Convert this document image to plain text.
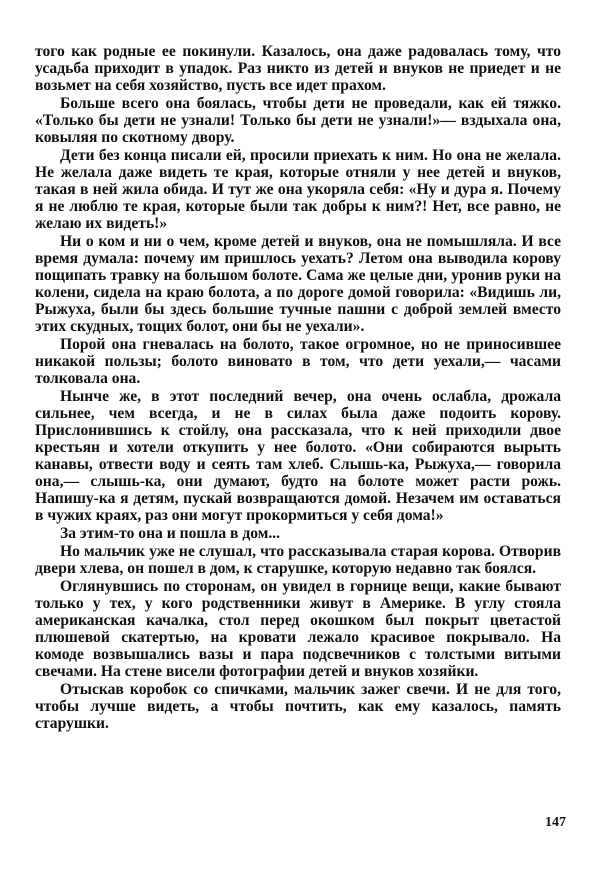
того как родные ее покинули. Казалось, она даже радовалась тому, что усадьба приходит в упадок. Раз никто из детей и внуков не приедет и не возьмет на себя хозяйство, пусть все идет прахом.

Больше всего она боялась, чтобы дети не проведали, как ей тяжко. «Только бы дети не узнали! Только бы дети не узнали!»— вздыхала она, ковыляя по скотному двору.

Дети без конца писали ей, просили приехать к ним. Но она не желала. Не желала даже видеть те края, которые отняли у нее детей и внуков, такая в ней жила обида. И тут же она укоряла себя: «Ну и дура я. Почему я не люблю те края, которые были так добры к ним?! Нет, все равно, не желаю их видеть!»

Ни о ком и ни о чем, кроме детей и внуков, она не помышляла. И все время думала: почему им пришлось уехать? Летом она выводила корову пощипать травку на большом болоте. Сама же целые дни, уронив руки на колени, сидела на краю болота, а по дороге домой говорила: «Видишь ли, Рыжуха, были бы здесь большие тучные пашни с доброй землей вместо этих скудных, тощих болот, они бы не уехали».

Порой она гневалась на болото, такое огромное, но не приносившее никакой пользы; болото виновато в том, что дети уехали,— часами толковала она.

Нынче же, в этот последний вечер, она очень ослабла, дрожала сильнее, чем всегда, и не в силах была даже подоить корову. Прислонившись к стойлу, она рассказала, что к ней приходили двое крестьян и хотели откупить у нее болото. «Они собираются вырыть канавы, отвести воду и сеять там хлеб. Слышь-ка, Рыжуха,— говорила она,— слышь-ка, они думают, будто на болоте может расти рожь. Напишу-ка я детям, пускай возвращаются домой. Незачем им оставаться в чужих краях, раз они могут прокормиться у себя дома!»

За этим-то она и пошла в дом...

Но мальчик уже не слушал, что рассказывала старая корова. Отворив двери хлева, он пошел в дом, к старушке, которую недавно так боялся.

Оглянувшись по сторонам, он увидел в горнице вещи, какие бывают только у тех, у кого родственники живут в Америке. В углу стояла американская качалка, стол перед окошком был покрыт цветастой плюшевой скатертью, на кровати лежало красивое покрывало. На комоде возвышались вазы и пара подсвечников с толстыми витыми свечами. На стене висели фотографии детей и внуков хозяйки.

Отыскав коробок со спичками, мальчик зажег свечи. И не для того, чтобы лучше видеть, а чтобы почтить, как ему казалось, память старушки.

147
